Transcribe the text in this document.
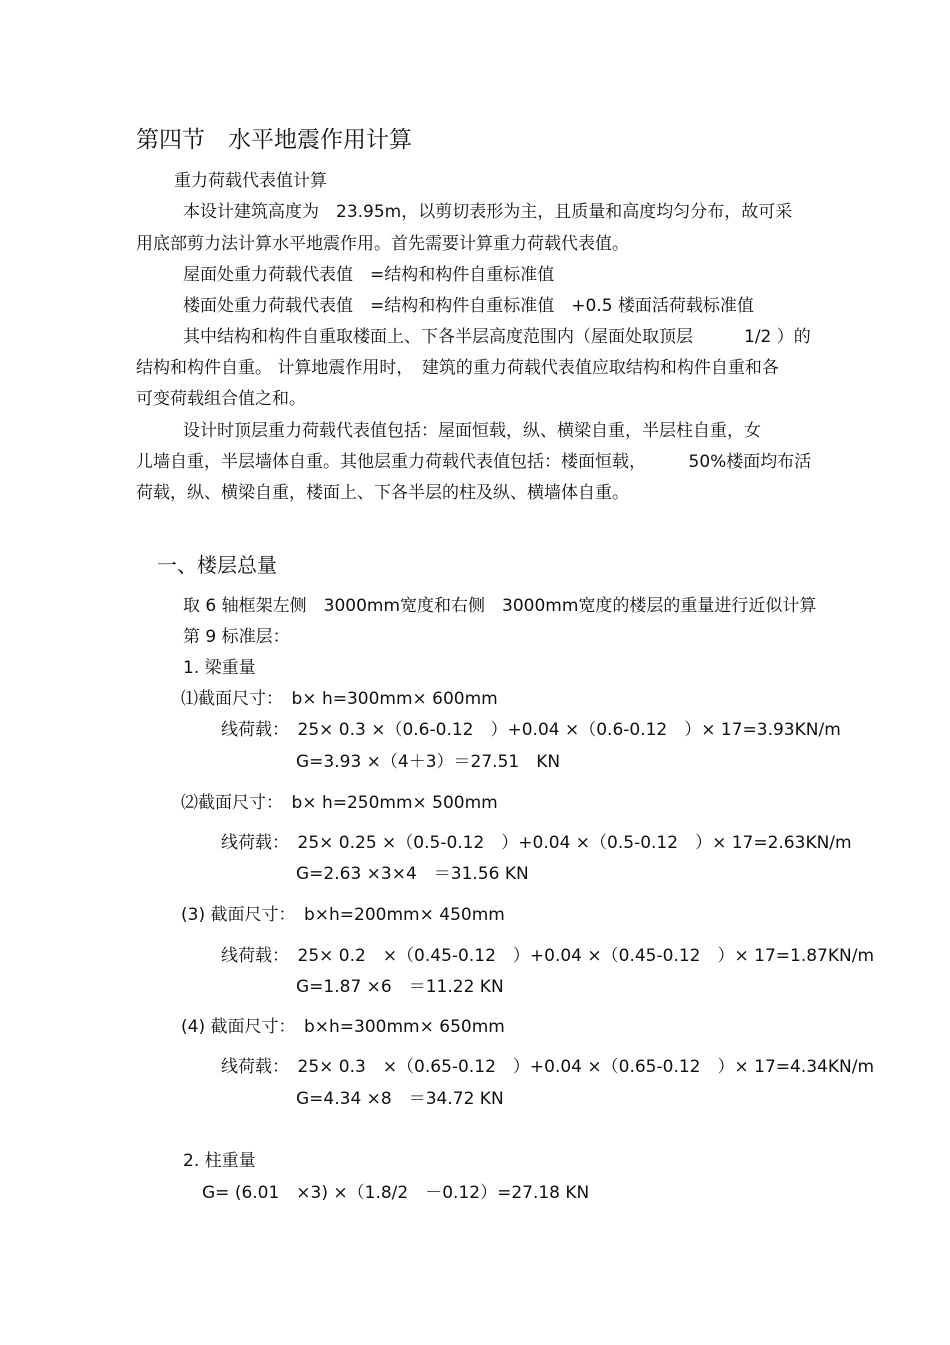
第四节　水平地震作用计算
重力荷载代表值计算
本设计建筑高度为　23.95m，以剪切表形为主，且质量和高度均匀分布，故可采
用底部剪力法计算水平地震作用。首先需要计算重力荷载代表值。
屋面处重力荷载代表值　=结构和构件自重标准值
楼面处重力荷载代表值　=结构和构件自重标准值　+0.5 楼面活荷载标准值
其中结构和构件自重取楼面上、下各半层高度范围内（屋面处取顶层　　　1/2 ）的
结构和构件自重。 计算地震作用时，　建筑的重力荷载代表值应取结构和构件自重和各
可变荷载组合值之和。
设计时顶层重力荷载代表值包括：屋面恒载，纵、横梁自重，半层柱自重，女
儿墙自重，半层墙体自重。其他层重力荷载代表值包括：楼面恒载，　　　50%楼面均布活
荷载，纵、横梁自重，楼面上、下各半层的柱及纵、横墙体自重。
一、楼层总量
取 6 轴框架左侧　3000mm宽度和右侧　3000mm宽度的楼层的重量进行近似计算
第 9 标准层：
1. 梁重量
⑴截面尺寸：　b× h=300mm× 600mm
线荷载：　25× 0.3 ×（0.6-0.12　）+0.04 ×（0.6-0.12　）× 17=3.93KN/m
G=3.93 ×（4＋3）＝27.51　KN
⑵截面尺寸：　b× h=250mm× 500mm
线荷载：　25× 0.25 ×（0.5-0.12　）+0.04 ×（0.5-0.12　）× 17=2.63KN/m
G=2.63 ×3×4　＝31.56 KN
(3) 截面尺寸：　b×h=200mm× 450mm
线荷载：　25× 0.2　×（0.45-0.12　）+0.04 ×（0.45-0.12　）× 17=1.87KN/m
G=1.87 ×6　＝11.22 KN
(4) 截面尺寸：　b×h=300mm× 650mm
线荷载：　25× 0.3　×（0.65-0.12　）+0.04 ×（0.65-0.12　）× 17=4.34KN/m
G=4.34 ×8　＝34.72 KN
2. 柱重量
G= (6.01　×3) ×（1.8/2　－0.12）=27.18 KN
